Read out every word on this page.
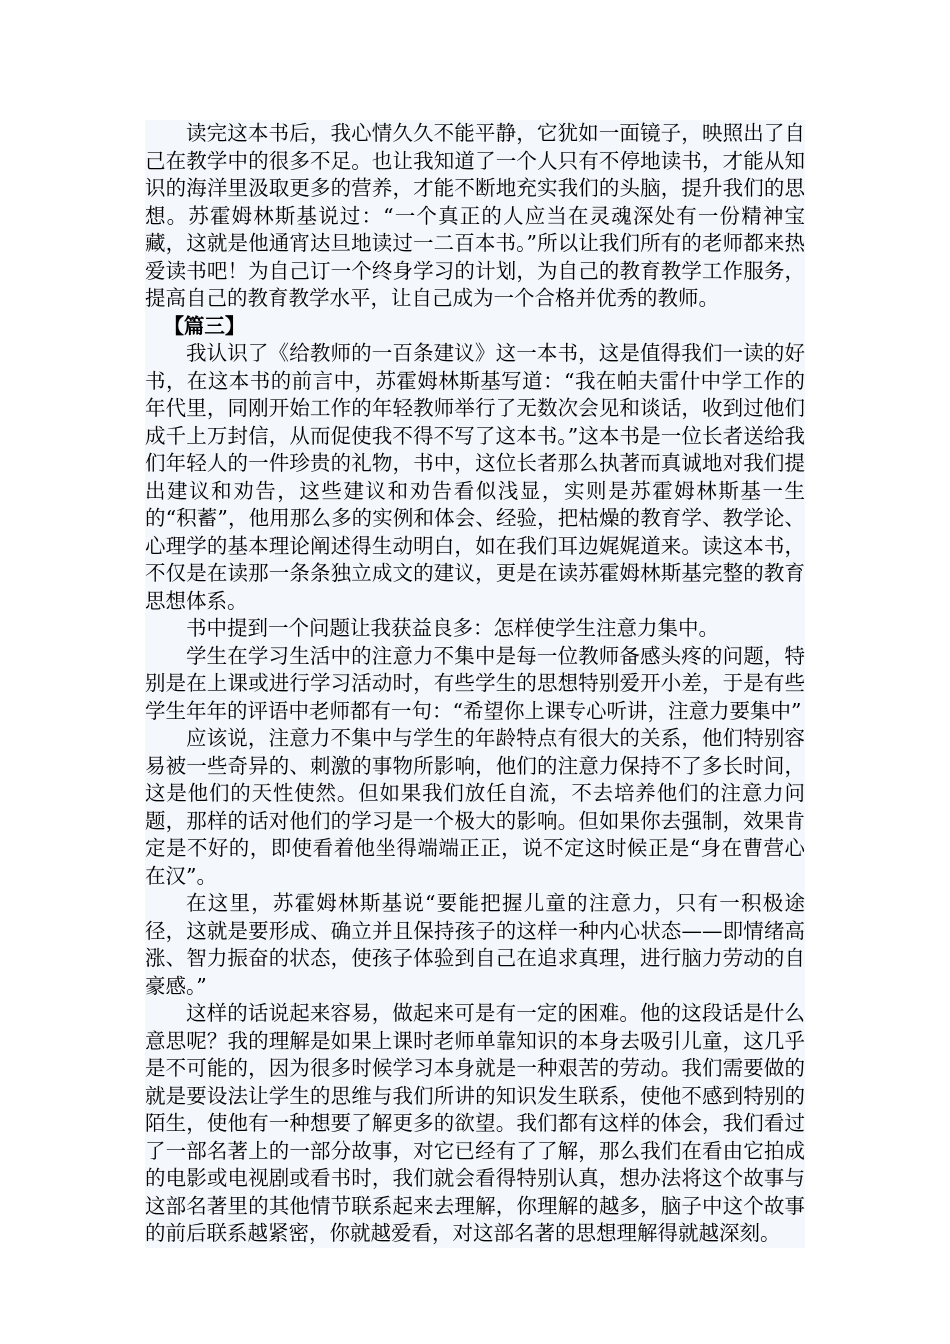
读完这本书后，我心情久久不能平静，它犹如一面镜子，映照出了自己在教学中的很多不足。也让我知道了一个人只有不停地读书，才能从知识的海洋里汲取更多的营养，才能不断地充实我们的头脑，提升我们的思想。苏霍姆林斯基说过：“一个真正的人应当在灵魂深处有一份精神宝藏，这就是他通宵达旦地读过一二百本书。”所以让我们所有的老师都来热爱读书吧！为自己订一个终身学习的计划，为自己的教育教学工作服务，提高自己的教育教学水平，让自己成为一个合格并优秀的教师。

【篇三】

我认识了《给教师的一百条建议》这一本书，这是值得我们一读的好书，在这本书的前言中，苏霍姆林斯基写道：“我在帕夫雷什中学工作的年代里，同刚开始工作的年轻教师举行了无数次会见和谈话，收到过他们成千上万封信，从而促使我不得不写了这本书。”这本书是一位长者送给我们年轻人的一件珍贵的礼物，书中，这位长者那么执著而真诚地对我们提出建议和劝告，这些建议和劝告看似浅显，实则是苏霍姆林斯基一生的“积蓄”，他用那么多的实例和体会、经验，把枯燥的教育学、教学论、心理学的基本理论阐述得生动明白，如在我们耳边娓娓道来。读这本书，不仅是在读那一条条独立成文的建议，更是在读苏霍姆林斯基完整的教育思想体系。

书中提到一个问题让我获益良多：怎样使学生注意力集中。

学生在学习生活中的注意力不集中是每一位教师备感头疼的问题，特别是在上课或进行学习活动时，有些学生的思想特别爱开小差，于是有些学生年年的评语中老师都有一句：“希望你上课专心听讲，注意力要集中”

应该说，注意力不集中与学生的年龄特点有很大的关系，他们特别容易被一些奇异的、刺激的事物所影响，他们的注意力保持不了多长时间，这是他们的天性使然。但如果我们放任自流，不去培养他们的注意力问题，那样的话对他们的学习是一个极大的影响。但如果你去强制，效果肯定是不好的，即使看着他坐得端端正正，说不定这时候正是“身在曹营心在汉”。

在这里，苏霍姆林斯基说“要能把握儿童的注意力，只有一积极途径，这就是要形成、确立并且保持孩子的这样一种内心状态——即情绪高涨、智力振奋的状态，使孩子体验到自己在追求真理，进行脑力劳动的自豪感。”

这样的话说起来容易，做起来可是有一定的困难。他的这段话是什么意思呢？我的理解是如果上课时老师单靠知识的本身去吸引儿童，这几乎是不可能的，因为很多时候学习本身就是一种艰苦的劳动。我们需要做的就是要设法让学生的思维与我们所讲的知识发生联系，使他不感到特别的陌生，使他有一种想要了解更多的欲望。我们都有这样的体会，我们看过了一部名著上的一部分故事，对它已经有了了解，那么我们在看由它拍成的电影或电视剧或看书时，我们就会看得特别认真，想办法将这个故事与这部名著里的其他情节联系起来去理解，你理解的越多，脑子中这个故事的前后联系越紧密，你就越爱看，对这部名著的思想理解得就越深刻。
